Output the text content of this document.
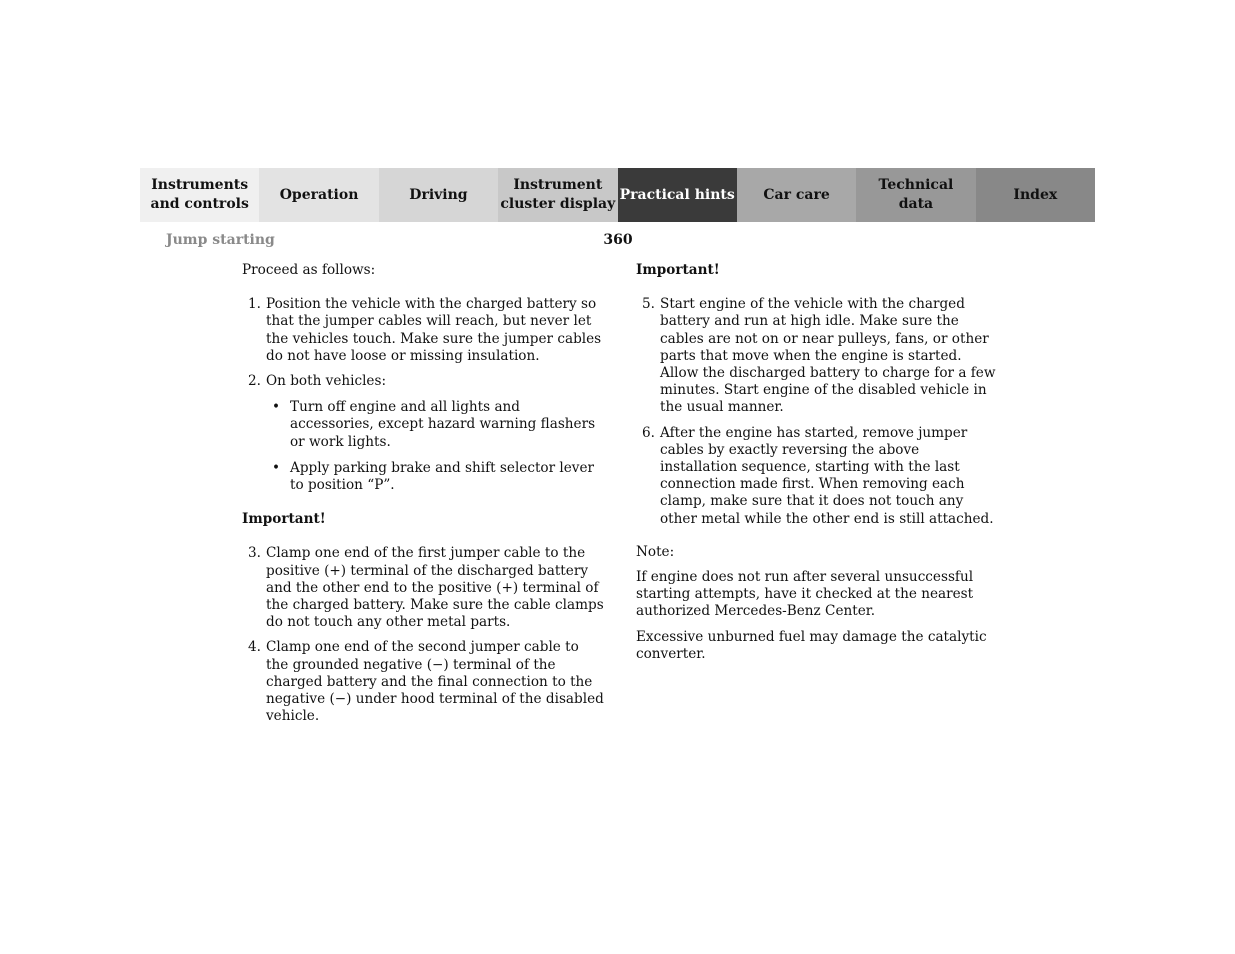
Instruments
and controls
Operation	Driving
Instrument
cluster display
Practical hints	Car care
Technical
data
Index
Jump starting	360

Proceed as follows:

1. Position the vehicle with the charged battery so that the jumper cables will reach, but never let the vehicles touch. Make sure the jumper cables do not have loose or missing insulation.
2. On both vehicles:
• Turn off engine and all lights and accessories, except hazard warning flashers or work lights.
• Apply parking brake and shift selector lever to position “P”.

Important!

3. Clamp one end of the first jumper cable to the positive (+) terminal of the discharged battery and the other end to the positive (+) terminal of the charged battery. Make sure the cable clamps do not touch any other metal parts.
4. Clamp one end of the second jumper cable to the grounded negative (−) terminal of the charged battery and the final connection to the negative (−) under hood terminal of the disabled vehicle.

Important!

5. Start engine of the vehicle with the charged battery and run at high idle. Make sure the cables are not on or near pulleys, fans, or other parts that move when the engine is started. Allow the discharged battery to charge for a few minutes. Start engine of the disabled vehicle in the usual manner.
6. After the engine has started, remove jumper cables by exactly reversing the above installation sequence, starting with the last connection made first. When removing each clamp, make sure that it does not touch any other metal while the other end is still attached.

Note:

If engine does not run after several unsuccessful starting attempts, have it checked at the nearest authorized Mercedes-Benz Center.

Excessive unburned fuel may damage the catalytic converter.
